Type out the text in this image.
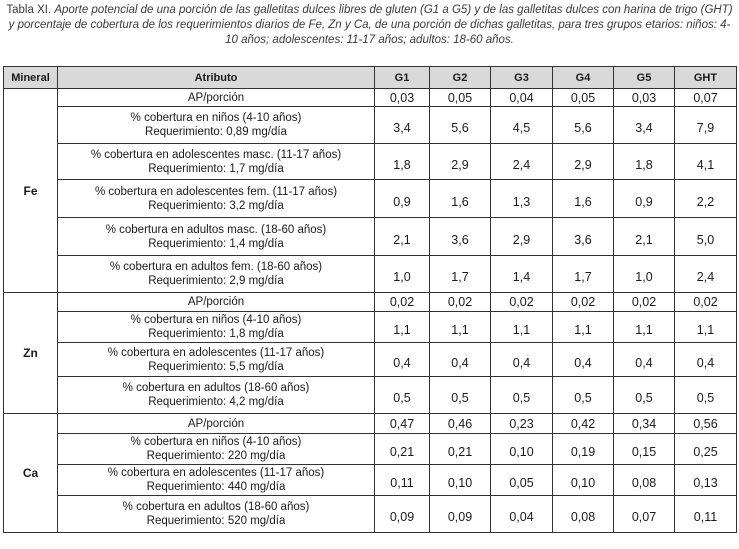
Tabla XI. Aporte potencial de una porción de las galletitas dulces libres de gluten (G1 a G5) y de las galletitas dulces con harina de trigo (GHT) y porcentaje de cobertura de los requerimientos diarios de Fe, Zn y Ca, de una porción de dichas galletitas, para tres grupos etarios: niños: 4-10 años; adolescentes: 11-17 años; adultos: 18-60 años.
Mineral	Atributo	G1	G2	G3	G4	G5	GHT
Fe	AP/porción	0,03	0,05	0,04	0,05	0,03	0,07

	% cobertura en niños (4-10 años)
Requerimiento: 0,89 mg/día	3,4	5,6	4,5	5,6	3,4	7,9

	% cobertura en adolescentes masc. (11-17 años)
Requerimiento: 1,7 mg/día	1,8	2,9	2,4	2,9	1,8	4,1

	% cobertura en adolescentes fem. (11-17 años)
Requerimiento: 3,2 mg/día	0,9	1,6	1,3	1,6	0,9	2,2

	% cobertura en adultos masc. (18-60 años)
Requerimiento: 1,4 mg/día	2,1	3,6	2,9	3,6	2,1	5,0

	% cobertura en adultos fem. (18-60 años)
Requerimiento: 2,9 mg/día	1,0	1,7	1,4	1,7	1,0	2,4
Zn	AP/porción	0,02	0,02	0,02	0,02	0,02	0,02

	% cobertura en niños (4-10 años)
Requerimiento: 1,8 mg/día	1,1	1,1	1,1	1,1	1,1	1,1

	% cobertura en adolescentes (11-17 años)
Requerimiento: 5,5 mg/día	0,4	0,4	0,4	0,4	0,4	0,4

	% cobertura en adultos (18-60 años)
Requerimiento: 4,2 mg/día	0,5	0,5	0,5	0,5	0,5	0,5
Ca	AP/porción	0,47	0,46	0,23	0,42	0,34	0,56

	% cobertura en niños (4-10 años)
Requerimiento: 220 mg/día	0,21	0,21	0,10	0,19	0,15	0,25

	% cobertura en adolescentes (11-17 años)
Requerimiento: 440 mg/día	0,11	0,10	0,05	0,10	0,08	0,13

	% cobertura en adultos (18-60 años)
Requerimiento: 520 mg/día	0,09	0,09	0,04	0,08	0,07	0,11
